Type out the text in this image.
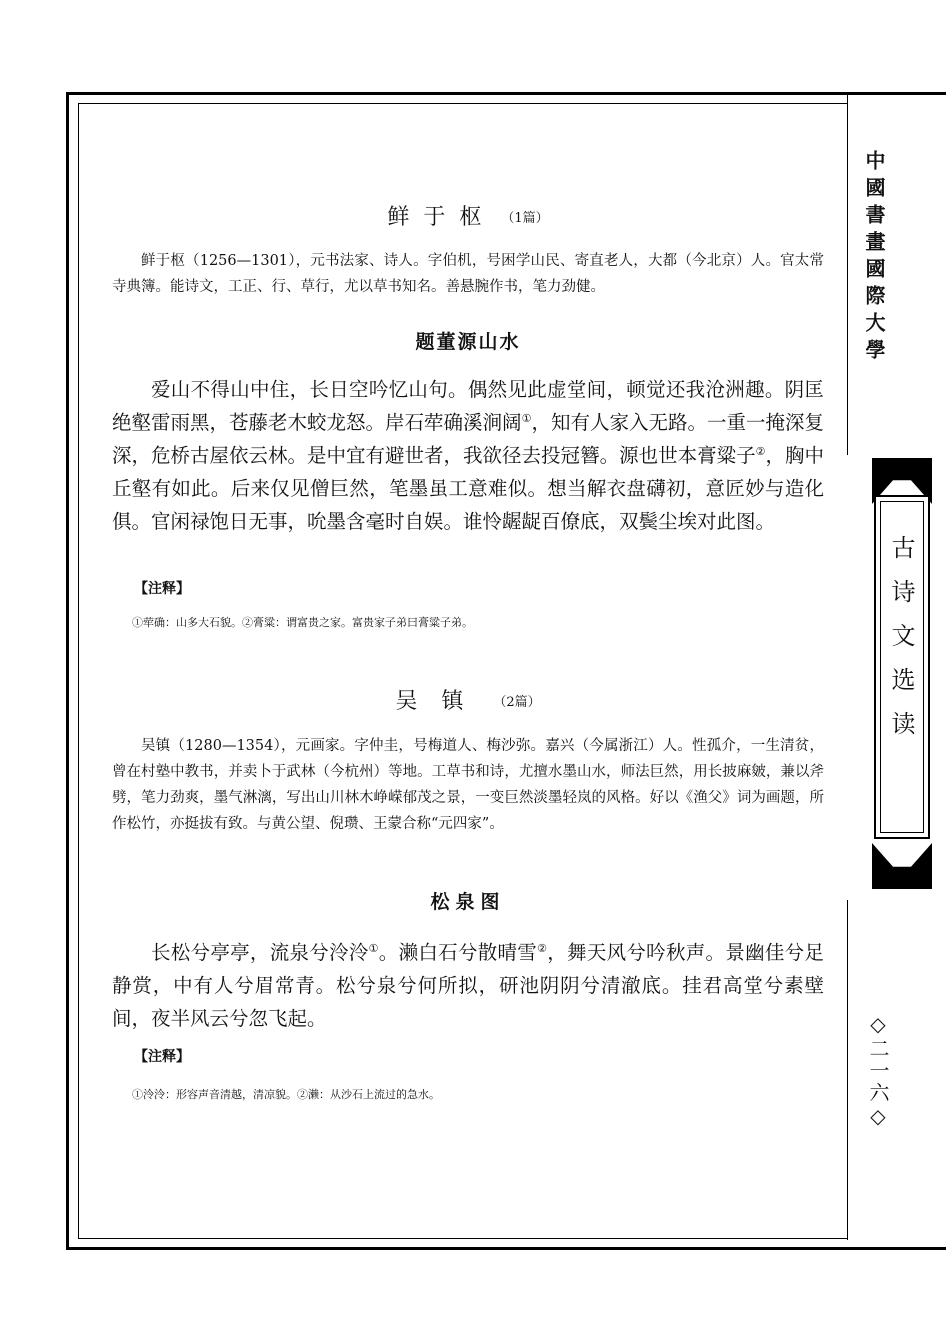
鲜于枢 （1篇）
鲜于枢（1256—1301），元书法家、诗人。字伯机，号困学山民、寄直老人，大都（今北京）人。官太常寺典簿。能诗文，工正、行、草行，尤以草书知名。善悬腕作书，笔力劲健。
题董源山水
爱山不得山中住，长日空吟忆山句。偶然见此虚堂间，顿觉还我沧洲趣。阴匡绝壑雷雨黑，苍藤老木蛟龙怒。岸石荦确溪涧阔①，知有人家入无路。一重一掩深复深，危桥古屋依云林。是中宜有避世者，我欲径去投冠簪。源也世本膏粱子②，胸中丘壑有如此。后来仅见僧巨然，笔墨虽工意难似。想当解衣盘礴初，意匠妙与造化俱。官闲禄饱日无事，吮墨含毫时自娱。谁怜龌龊百僚底，双鬓尘埃对此图。
【注释】
①荦确：山多大石貌。②膏粱：谓富贵之家。富贵家子弟曰膏粱子弟。
吴镇 （2篇）
吴镇（1280—1354），元画家。字仲圭，号梅道人、梅沙弥。嘉兴（今属浙江）人。性孤介，一生清贫，曾在村塾中教书，并卖卜于武林（今杭州）等地。工草书和诗，尤擅水墨山水，师法巨然，用长披麻皴，兼以斧劈，笔力劲爽，墨气淋漓，写出山川林木峥嵘郁茂之景，一变巨然淡墨轻岚的风格。好以《渔父》词为画题，所作松竹，亦挺拔有致。与黄公望、倪瓒、王蒙合称“元四家”。
松泉图
长松兮亭亭，流泉兮泠泠①。濑白石兮散晴雪②，舞天风兮吟秋声。景幽佳兮足静赏，中有人兮眉常青。松兮泉兮何所拟，研池阴阴兮清澈底。挂君高堂兮素壁间，夜半风云兮忽飞起。
【注释】
①泠泠：形容声音清越，清凉貌。②濑：从沙石上流过的急水。
中國書畫國際大學
古诗文选读
◇二一六◇
